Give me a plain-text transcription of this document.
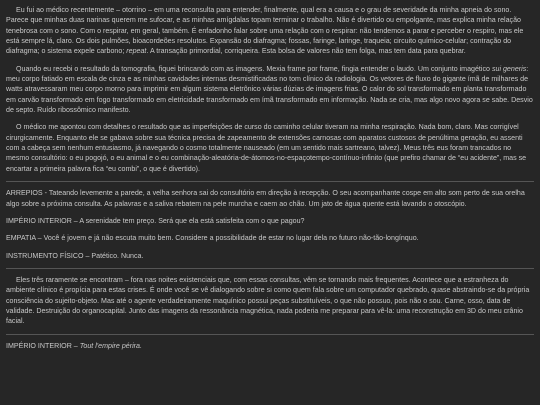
Eu fui ao médico recentemente – otorrino – em uma reconsulta para entender, finalmente, qual era a causa e o grau de severidade da minha apneia do sono. Parece que minhas duas narinas querem me sufocar, e as minhas amígdalas topam terminar o trabalho. Não é divertido ou empolgante, mas explica minha relação tenebrosa com o sono. Com o respirar, em geral, também. É enfadonho falar sobre uma relação com o respirar: não tendemos a parar e perceber o respiro, mas ele está sempre lá, claro. Os dois pulmões, bioacordeões resolutos. Expansão do diafragma; fossas, faringe, laringe, traqueia; circuito químico-celular; contração do diafragma; o sistema expele carbono; repeat. A transação primordial, corriqueira. Esta bolsa de valores não tem folga, mas tem data para quebrar.

Quando eu recebi o resultado da tomografia, fiquei brincando com as imagens. Mexia frame por frame, fingia entender o laudo. Um conjunto imagético sui generis: meu corpo fatiado em escala de cinza e as minhas cavidades internas desmistificadas no tom clínico da radiologia. Os vetores de fluxo do gigante ímã de milhares de watts atravessaram meu corpo morno para imprimir em algum sistema eletrônico várias dúzias de imagens frias. O calor do sol transformado em planta transformado em carvão transformado em fogo transformado em eletricidade transformado em ímã transformado em informação. Nada se cria, mas algo novo agora se sabe. Desvio de septo. Ruído ribossômico manifesto.

O médico me apontou com detalhes o resultado que as imperfeições de curso do caminho celular tiveram na minha respiração. Nada bom, claro. Mas corrigível cirurgicamente. Enquanto ele se gabava sobre sua técnica precisa de zapeamento de extensões carnosas com aparatos custosos de penúltima geração, eu assenti com a cabeça sem nenhum entusiasmo, já navegando o cosmo totalmente nauseado (em um sentido mais sartreano, talvez). Meus três eus foram trancados no mesmo consultório: o eu pogojó, o eu animal e o eu combinação-aleatória-de-átomos-no-espaçotempo-contínuo-infinito (que prefiro chamar de “eu acidente”, mas se encartar a primeira palavra fica “eu combi”, o que é divertido).

ARREPIOS - Tateando levemente a parede, a velha senhora sai do consultório em direção à recepção. O seu acompanhante cospe em alto som perto de sua orelha algo sobre a próxima consulta. As palavras e a saliva rebatem na pele murcha e caem ao chão. Um jato de água quente está lavando o otoscópio.

IMPÉRIO INTERIOR – A serenidade tem preço. Será que ela está satisfeita com o que pagou?

EMPATIA – Você é jovem e já não escuta muito bem. Considere a possibilidade de estar no lugar dela no futuro não-tão-longínquo.

INSTRUMENTO FÍSICO – Patético. Nunca.

Eles três raramente se encontram – fora nas noites existenciais que, com essas consultas, vêm se tornando mais frequentes. Acontece que a estranheza do ambiente clínico é propícia para estas crises. É onde você se vê dialogando sobre si como quem fala sobre um computador quebrado, quase abstraindo-se da própria consciência do sujeito-objeto. Mas até o agente verdadeiramente maquínico possui peças substituíveis, o que não possuo, pois não o sou. Carne, osso, data de validade. Destruição do organocapital. Junto das imagens da ressonância magnética, nada poderia me preparar para vê-la: uma reconstrução em 3D do meu crânio facial.

IMPÉRIO INTERIOR – Tout l'empire périra.
